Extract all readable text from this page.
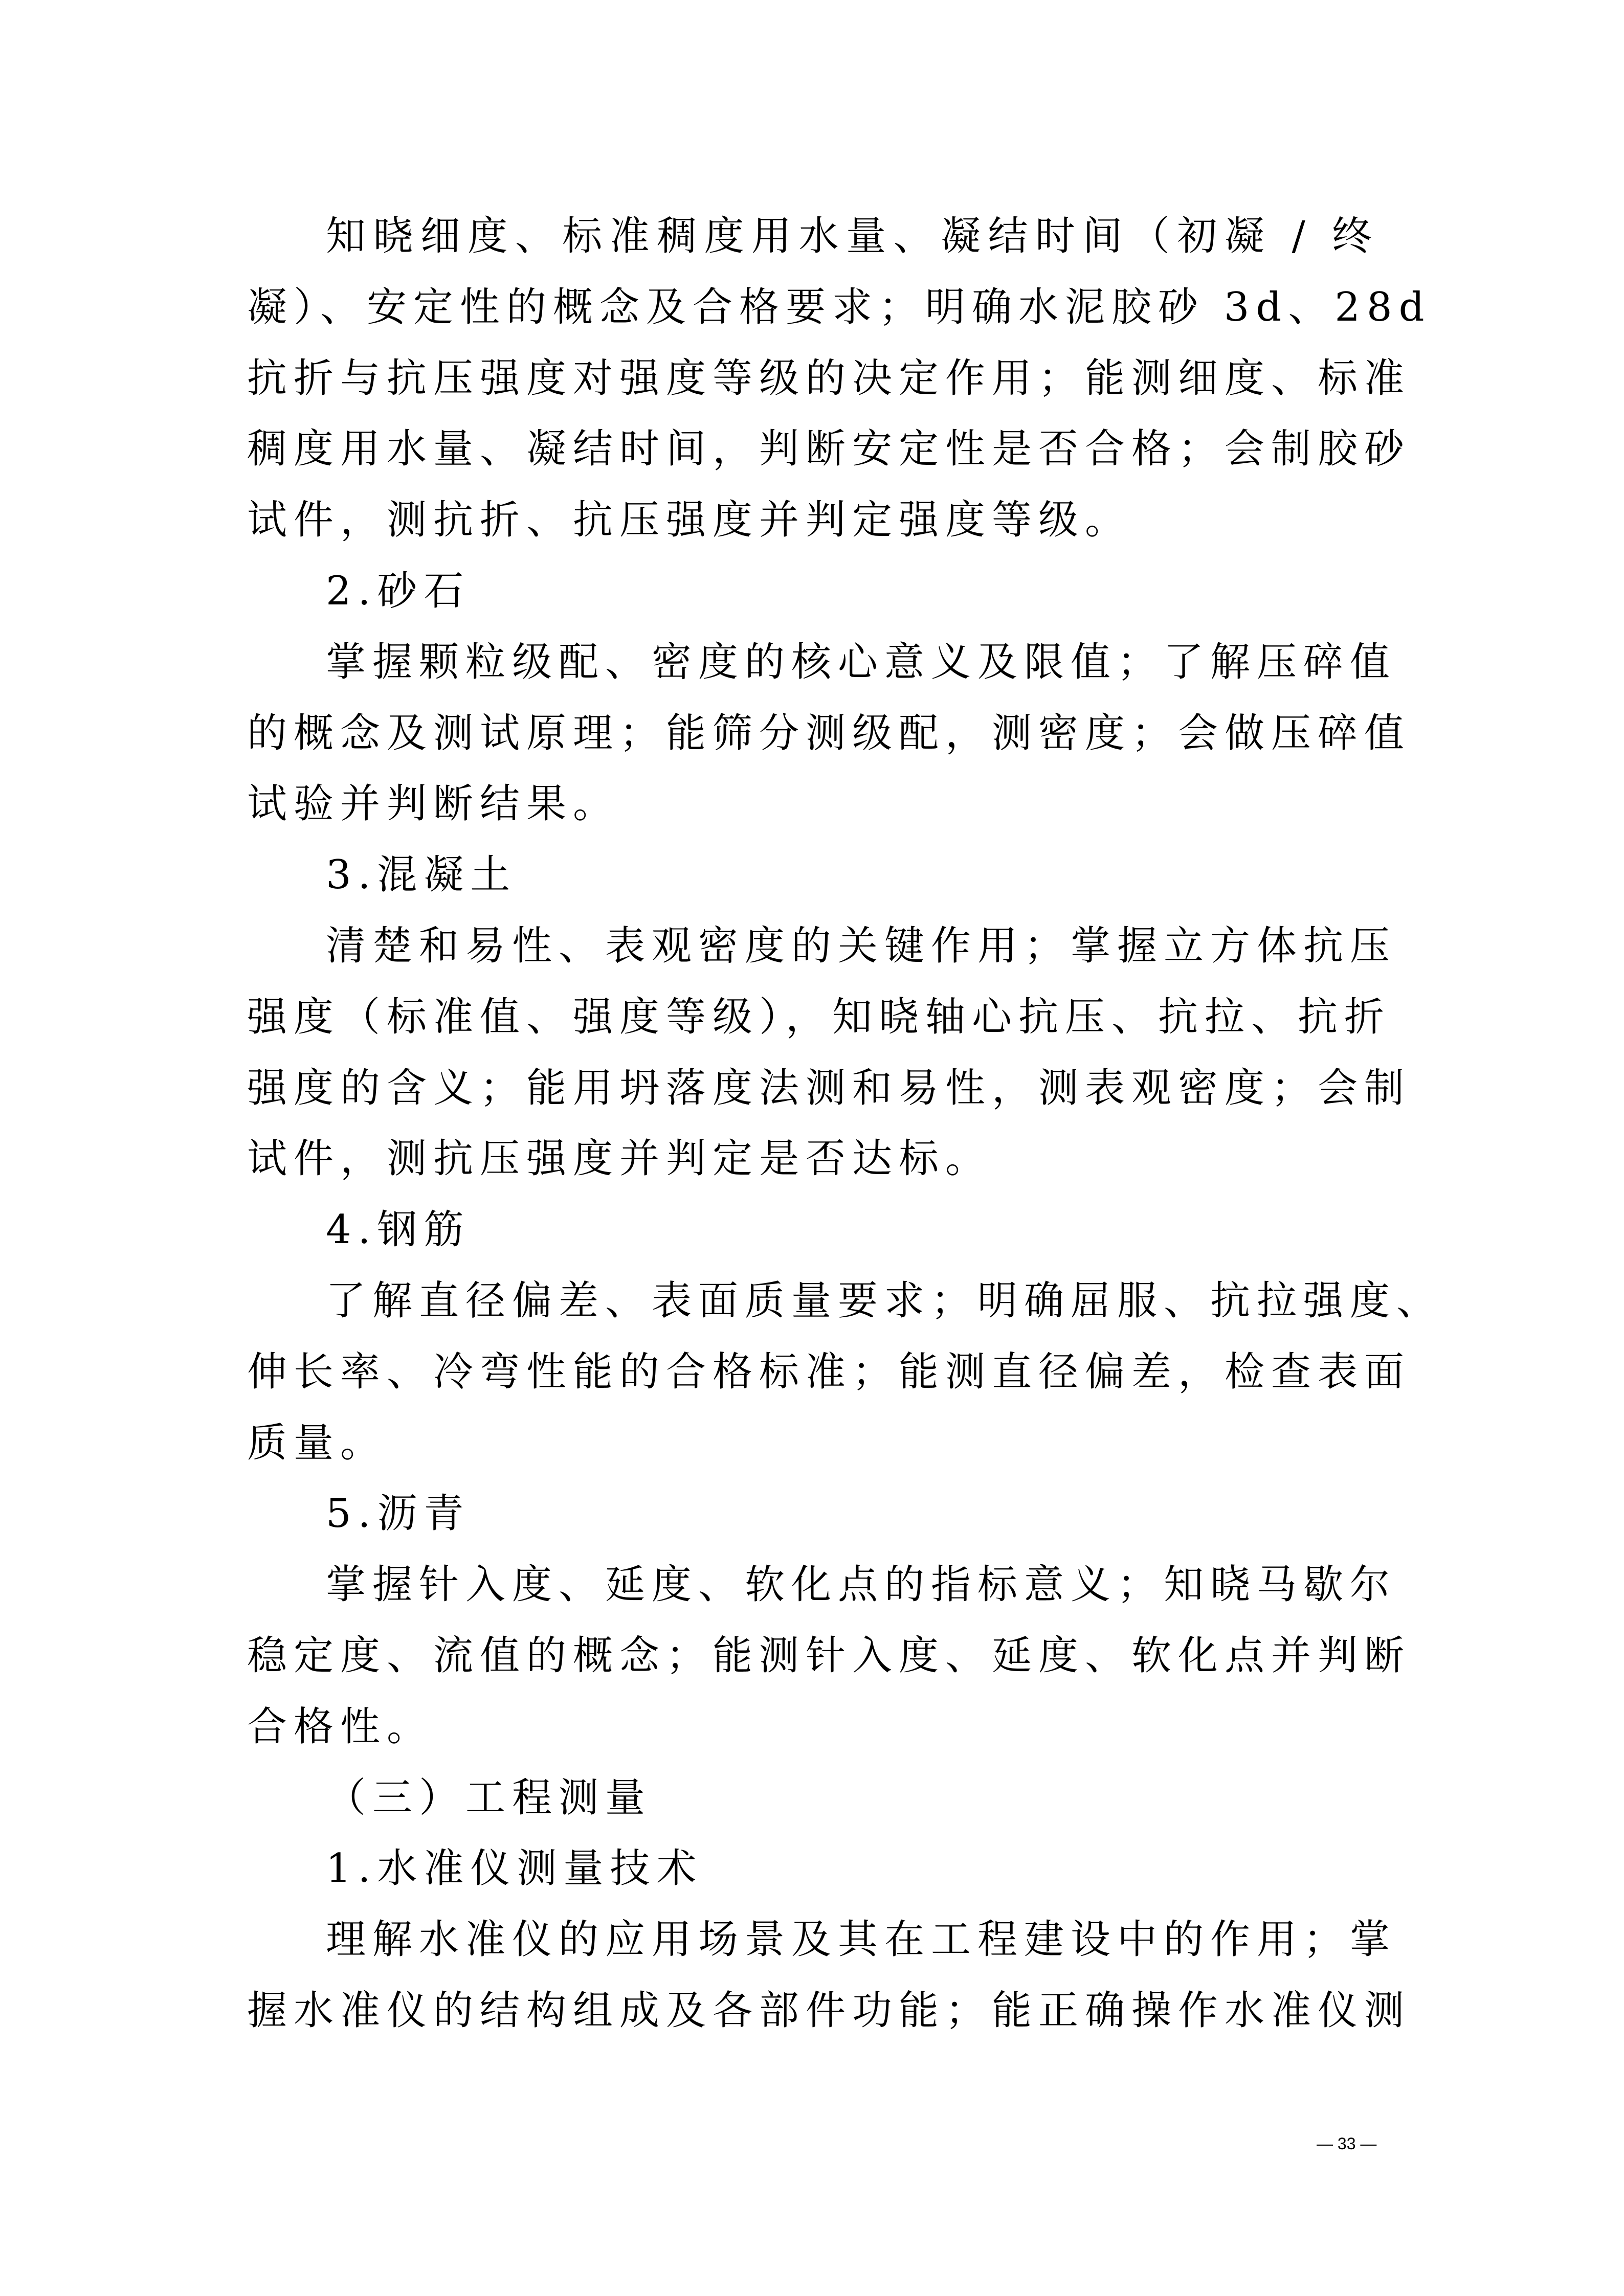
知晓细度、标准稠度用水量、凝结时间（初凝 / 终
凝）、安定性的概念及合格要求；明确水泥胶砂 3d、28d
抗折与抗压强度对强度等级的决定作用；能测细度、标准
稠度用水量、凝结时间，判断安定性是否合格；会制胶砂
试件，测抗折、抗压强度并判定强度等级。
2.砂石
掌握颗粒级配、密度的核心意义及限值；了解压碎值
的概念及测试原理；能筛分测级配，测密度；会做压碎值
试验并判断结果。
3.混凝土
清楚和易性、表观密度的关键作用；掌握立方体抗压
强度（标准值、强度等级），知晓轴心抗压、抗拉、抗折
强度的含义；能用坍落度法测和易性，测表观密度；会制
试件，测抗压强度并判定是否达标。
4.钢筋
了解直径偏差、表面质量要求；明确屈服、抗拉强度、
伸长率、冷弯性能的合格标准；能测直径偏差，检查表面
质量。
5.沥青
掌握针入度、延度、软化点的指标意义；知晓马歇尔
稳定度、流值的概念；能测针入度、延度、软化点并判断
合格性。
（三）工程测量
1.水准仪测量技术
理解水准仪的应用场景及其在工程建设中的作用；掌
握水准仪的结构组成及各部件功能；能正确操作水准仪测
— 33 —
